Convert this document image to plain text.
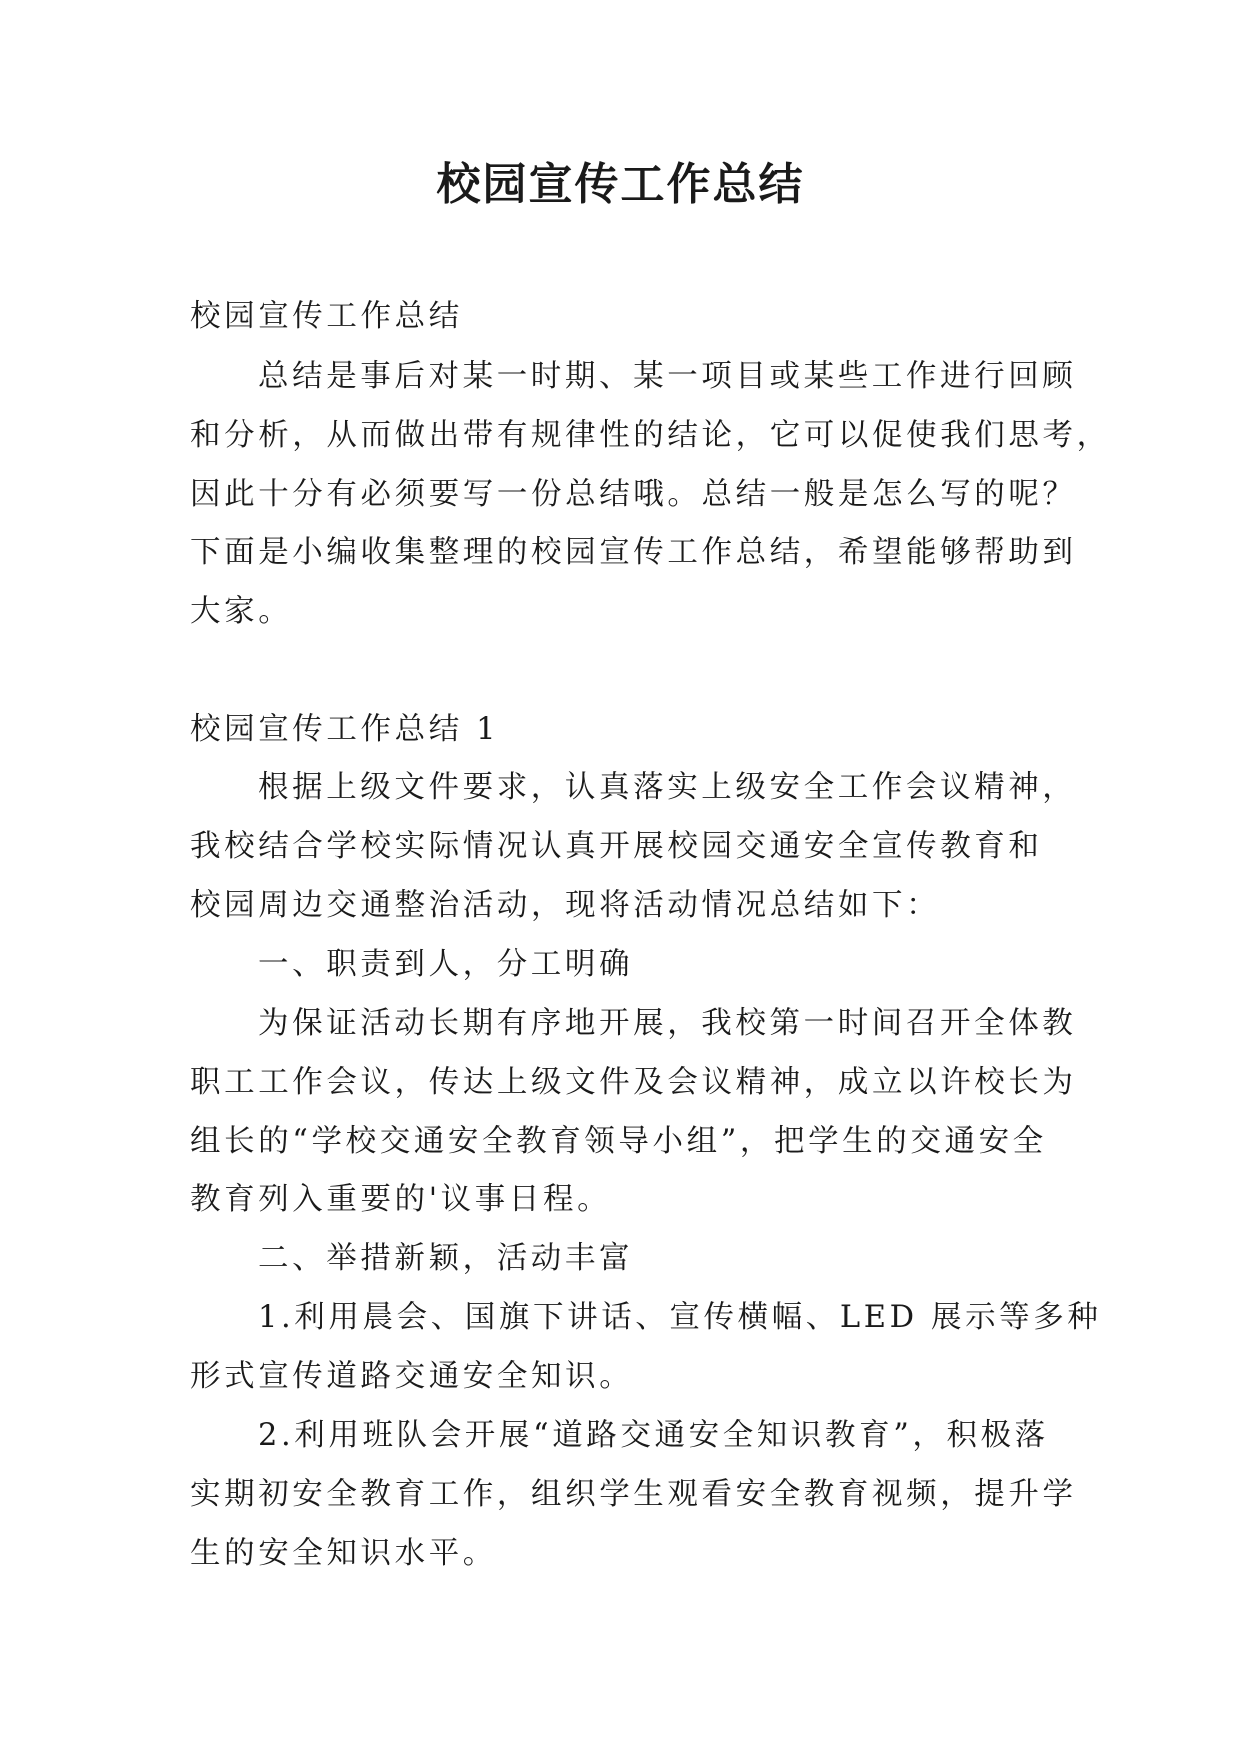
校园宣传工作总结
校园宣传工作总结
总结是事后对某一时期、某一项目或某些工作进行回顾
和分析，从而做出带有规律性的结论，它可以促使我们思考，
因此十分有必须要写一份总结哦。总结一般是怎么写的呢？
下面是小编收集整理的校园宣传工作总结，希望能够帮助到
大家。
校园宣传工作总结 1
根据上级文件要求，认真落实上级安全工作会议精神，
我校结合学校实际情况认真开展校园交通安全宣传教育和
校园周边交通整治活动，现将活动情况总结如下：
一、职责到人，分工明确
为保证活动长期有序地开展，我校第一时间召开全体教
职工工作会议，传达上级文件及会议精神，成立以许校长为
组长的“学校交通安全教育领导小组”，把学生的交通安全
教育列入重要的'议事日程。
二、举措新颖，活动丰富
1.利用晨会、国旗下讲话、宣传横幅、LED 展示等多种
形式宣传道路交通安全知识。
2.利用班队会开展“道路交通安全知识教育”，积极落
实期初安全教育工作，组织学生观看安全教育视频，提升学
生的安全知识水平。
